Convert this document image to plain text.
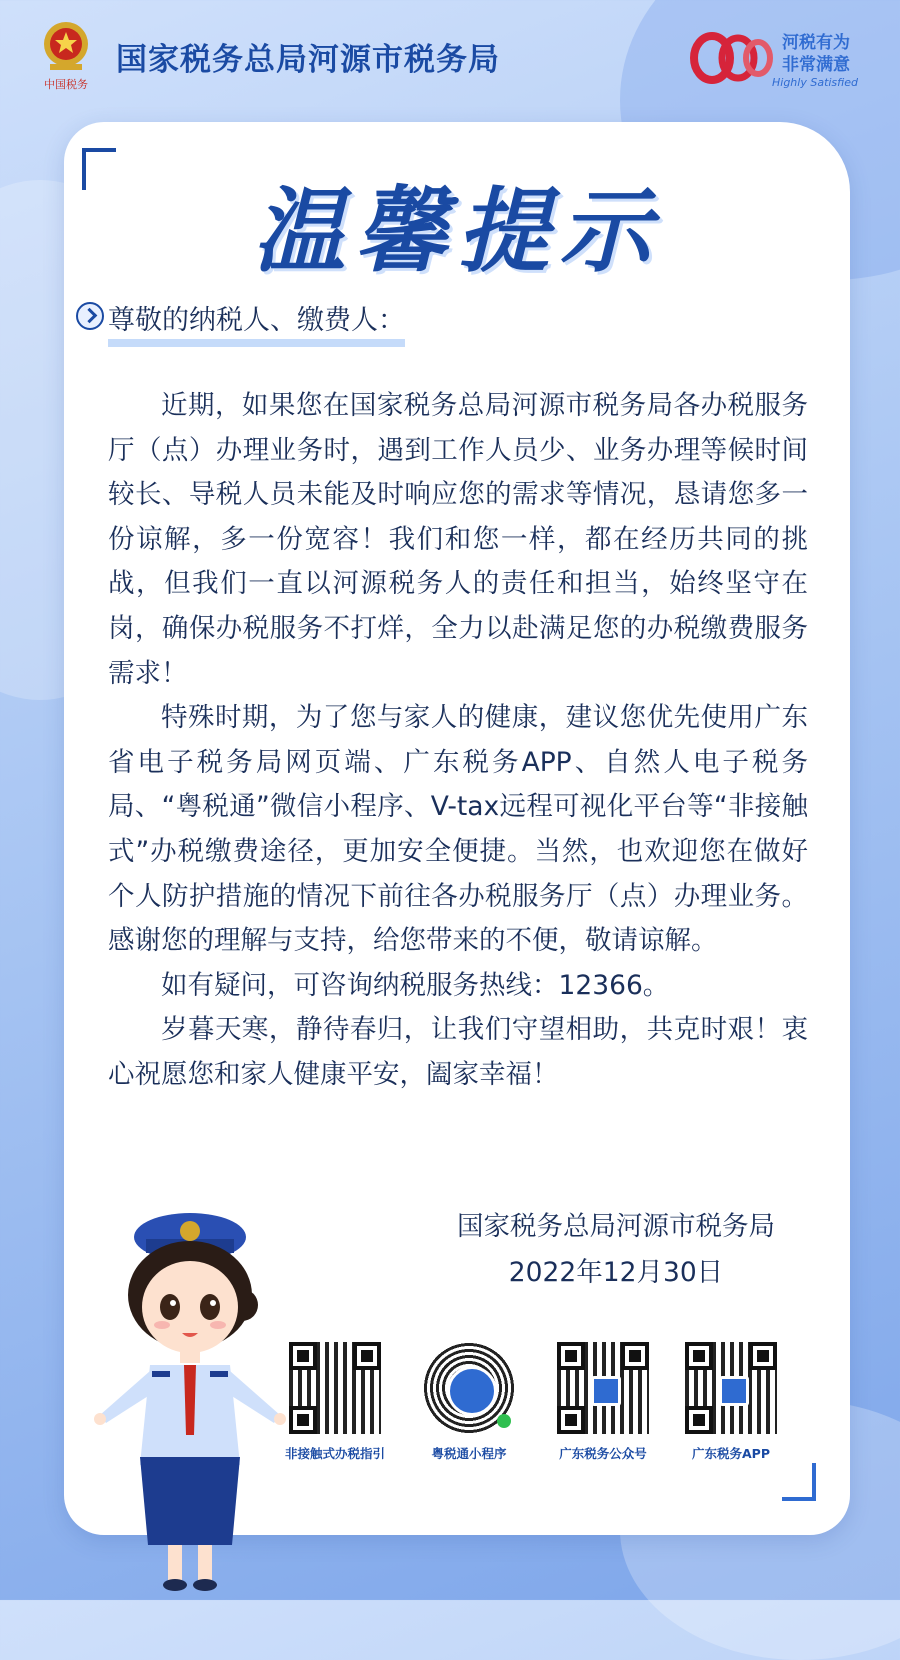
中国税务
国家税务总局河源市税务局	河税有为
非常满意
Highly Satisfied
温馨提示
尊敬的纳税人、缴费人：

近期，如果您在国家税务总局河源市税务局各办税服务厅（点）办理业务时，遇到工作人员少、业务办理等候时间较长、导税人员未能及时响应您的需求等情况，恳请您多一份谅解，多一份宽容！我们和您一样，都在经历共同的挑战，但我们一直以河源税务人的责任和担当，始终坚守在岗，确保办税服务不打烊，全力以赴满足您的办税缴费服务需求！

特殊时期，为了您与家人的健康，建议您优先使用广东省电子税务局网页端、广东税务APP、自然人电子税务局、“粤税通”微信小程序、V-tax远程可视化平台等“非接触式”办税缴费途径，更加安全便捷。当然，也欢迎您在做好个人防护措施的情况下前往各办税服务厅（点）办理业务。感谢您的理解与支持，给您带来的不便，敬请谅解。

如有疑问，可咨询纳税服务热线：12366。

岁暮天寒，静待春归，让我们守望相助，共克时艰！衷心祝愿您和家人健康平安，阖家幸福！

国家税务总局河源市税务局
2022年12月30日
非接触式办税指引	粤税通小程序	广东税务公众号	广东税务APP
